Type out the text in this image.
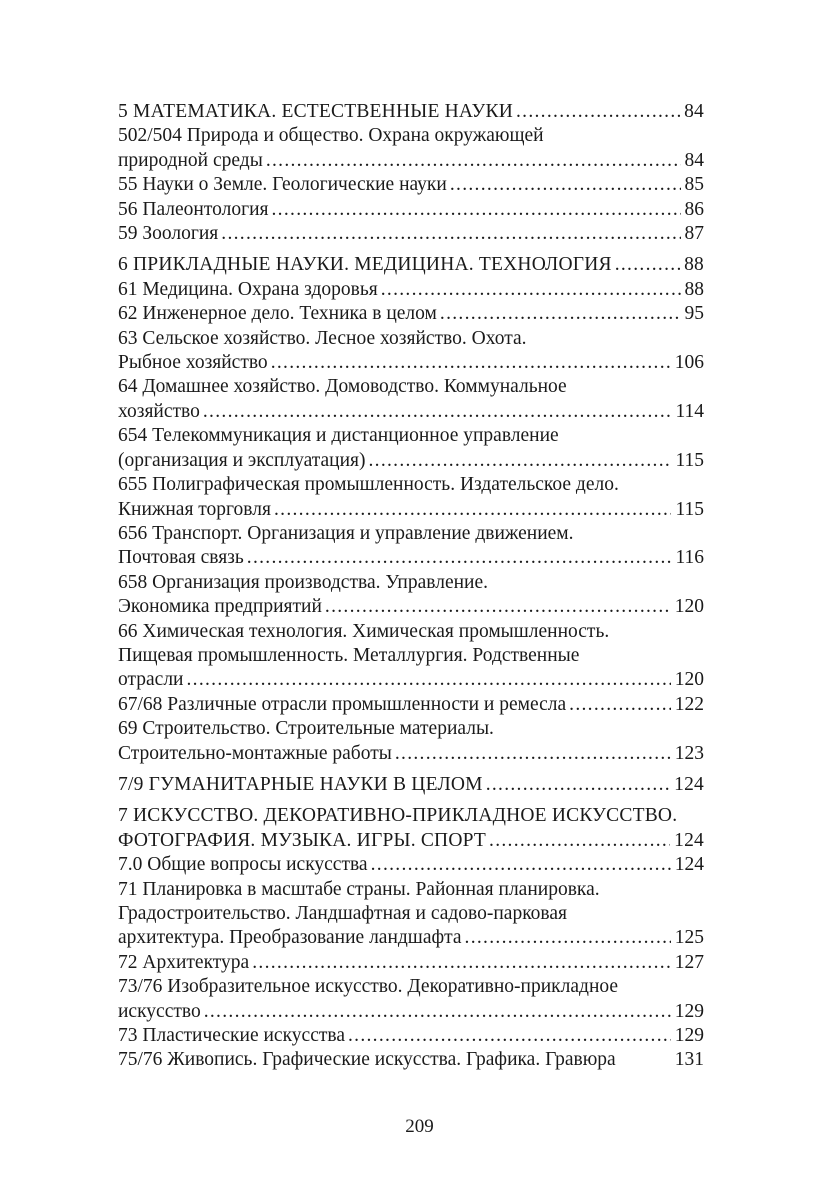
5 МАТЕМАТИКА. ЕСТЕСТВЕННЫЕ НАУКИ .....	84
502/504 Природа и общество. Охрана окружающей
природной среды .....	84
55 Науки о Земле. Геологические науки .....	85
56 Палеонтология .....	86
59 Зоология .....	87
6 ПРИКЛАДНЫЕ НАУКИ. МЕДИЦИНА. ТЕХНОЛОГИЯ .....	88
61 Медицина. Охрана здоровья .....	88
62 Инженерное дело. Техника в целом .....	95
63 Сельское хозяйство. Лесное хозяйство. Охота.
Рыбное хозяйство .....	106
64 Домашнее хозяйство. Домоводство. Коммунальное
хозяйство .....	114
654 Телекоммуникация и дистанционное управление
(организация и эксплуатация) .....	115
655 Полиграфическая промышленность. Издательское дело.
Книжная торговля .....	115
656 Транспорт. Организация и управление движением.
Почтовая связь .....	116
658 Организация производства. Управление.
Экономика предприятий .....	120
66 Химическая технология. Химическая промышленность.
Пищевая промышленность. Металлургия. Родственные
отрасли .....	120
67/68 Различные отрасли промышленности и ремесла .....	122
69 Строительство. Строительные материалы.
Строительно-монтажные работы .....	123
7/9 ГУМАНИТАРНЫЕ НАУКИ В ЦЕЛОМ .....	124
7 ИСКУССТВО. ДЕКОРАТИВНО-ПРИКЛАДНОЕ ИСКУССТВО.
ФОТОГРАФИЯ. МУЗЫКА. ИГРЫ. СПОРТ .....	124
7.0 Общие вопросы искусства .....	124
71 Планировка в масштабе страны. Районная планировка.
Градостроительство. Ландшафтная и садово-парковая
архитектура. Преобразование ландшафта .....	125
72 Архитектура .....	127
73/76 Изобразительное искусство. Декоративно-прикладное
искусство .....	129
73 Пластические искусства .....	129
75/76 Живопись. Графические искусства. Графика. Гравюра	131
209
